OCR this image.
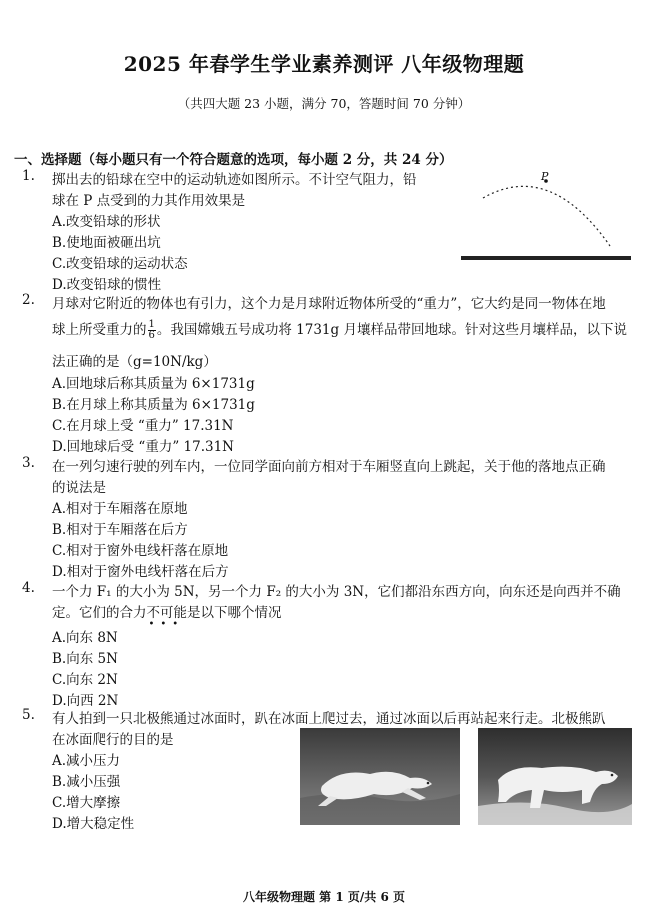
2025 年春学生学业素养测评 八年级物理题
（共四大题 23 小题，满分 70，答题时间 70 分钟）
一、选择题（每小题只有一个符合题意的选项，每小题 2 分，共 24 分）
1. 掷出去的铅球在空中的运动轨迹如图所示。不计空气阻力，铅
球在 P 点受到的力其作用效果是
A.改变铅球的形状
B.使地面被砸出坑
C.改变铅球的运动状态
D.改变铅球的惯性
P
2. 月球对它附近的物体也有引力，这个力是月球附近物体所受的“重力”，它大约是同一物体在地
球上所受重力的 $\frac{1}{6}$ 。我国嫦娥五号成功将 1731g 月壤样品带回地球。针对这些月壤样品，以下说
法正确的是（g=10N/kg）
A.回地球后称其质量为 6×1731g
B.在月球上称其质量为 6×1731g
C.在月球上受 “重力” 17.31N
D.回地球后受 “重力” 17.31N
3. 在一列匀速行驶的列车内，一位同学面向前方相对于车厢竖直向上跳起，关于他的落地点正确
的说法是
A.相对于车厢落在原地
B.相对于车厢落在后方
C.相对于窗外电线杆落在原地
D.相对于窗外电线杆落在后方
4. 一个力 F₁ 的大小为 5N，另一个力 F₂ 的大小为 3N，它们都沿东西方向，向东还是向西并不确
定。它们的合力不可能
•••
是以下哪个情况
A.向东 8N
B.向东 5N
C.向东 2N
D.向西 2N
5. 有人拍到一只北极熊通过冰面时，趴在冰面上爬过去，通过冰面以后再站起来行走。北极熊趴
在冰面爬行的目的是
A.减小压力
B.减小压强
C.增大摩擦
D.增大稳定性
八年级物理题 第 1 页/共 6 页
